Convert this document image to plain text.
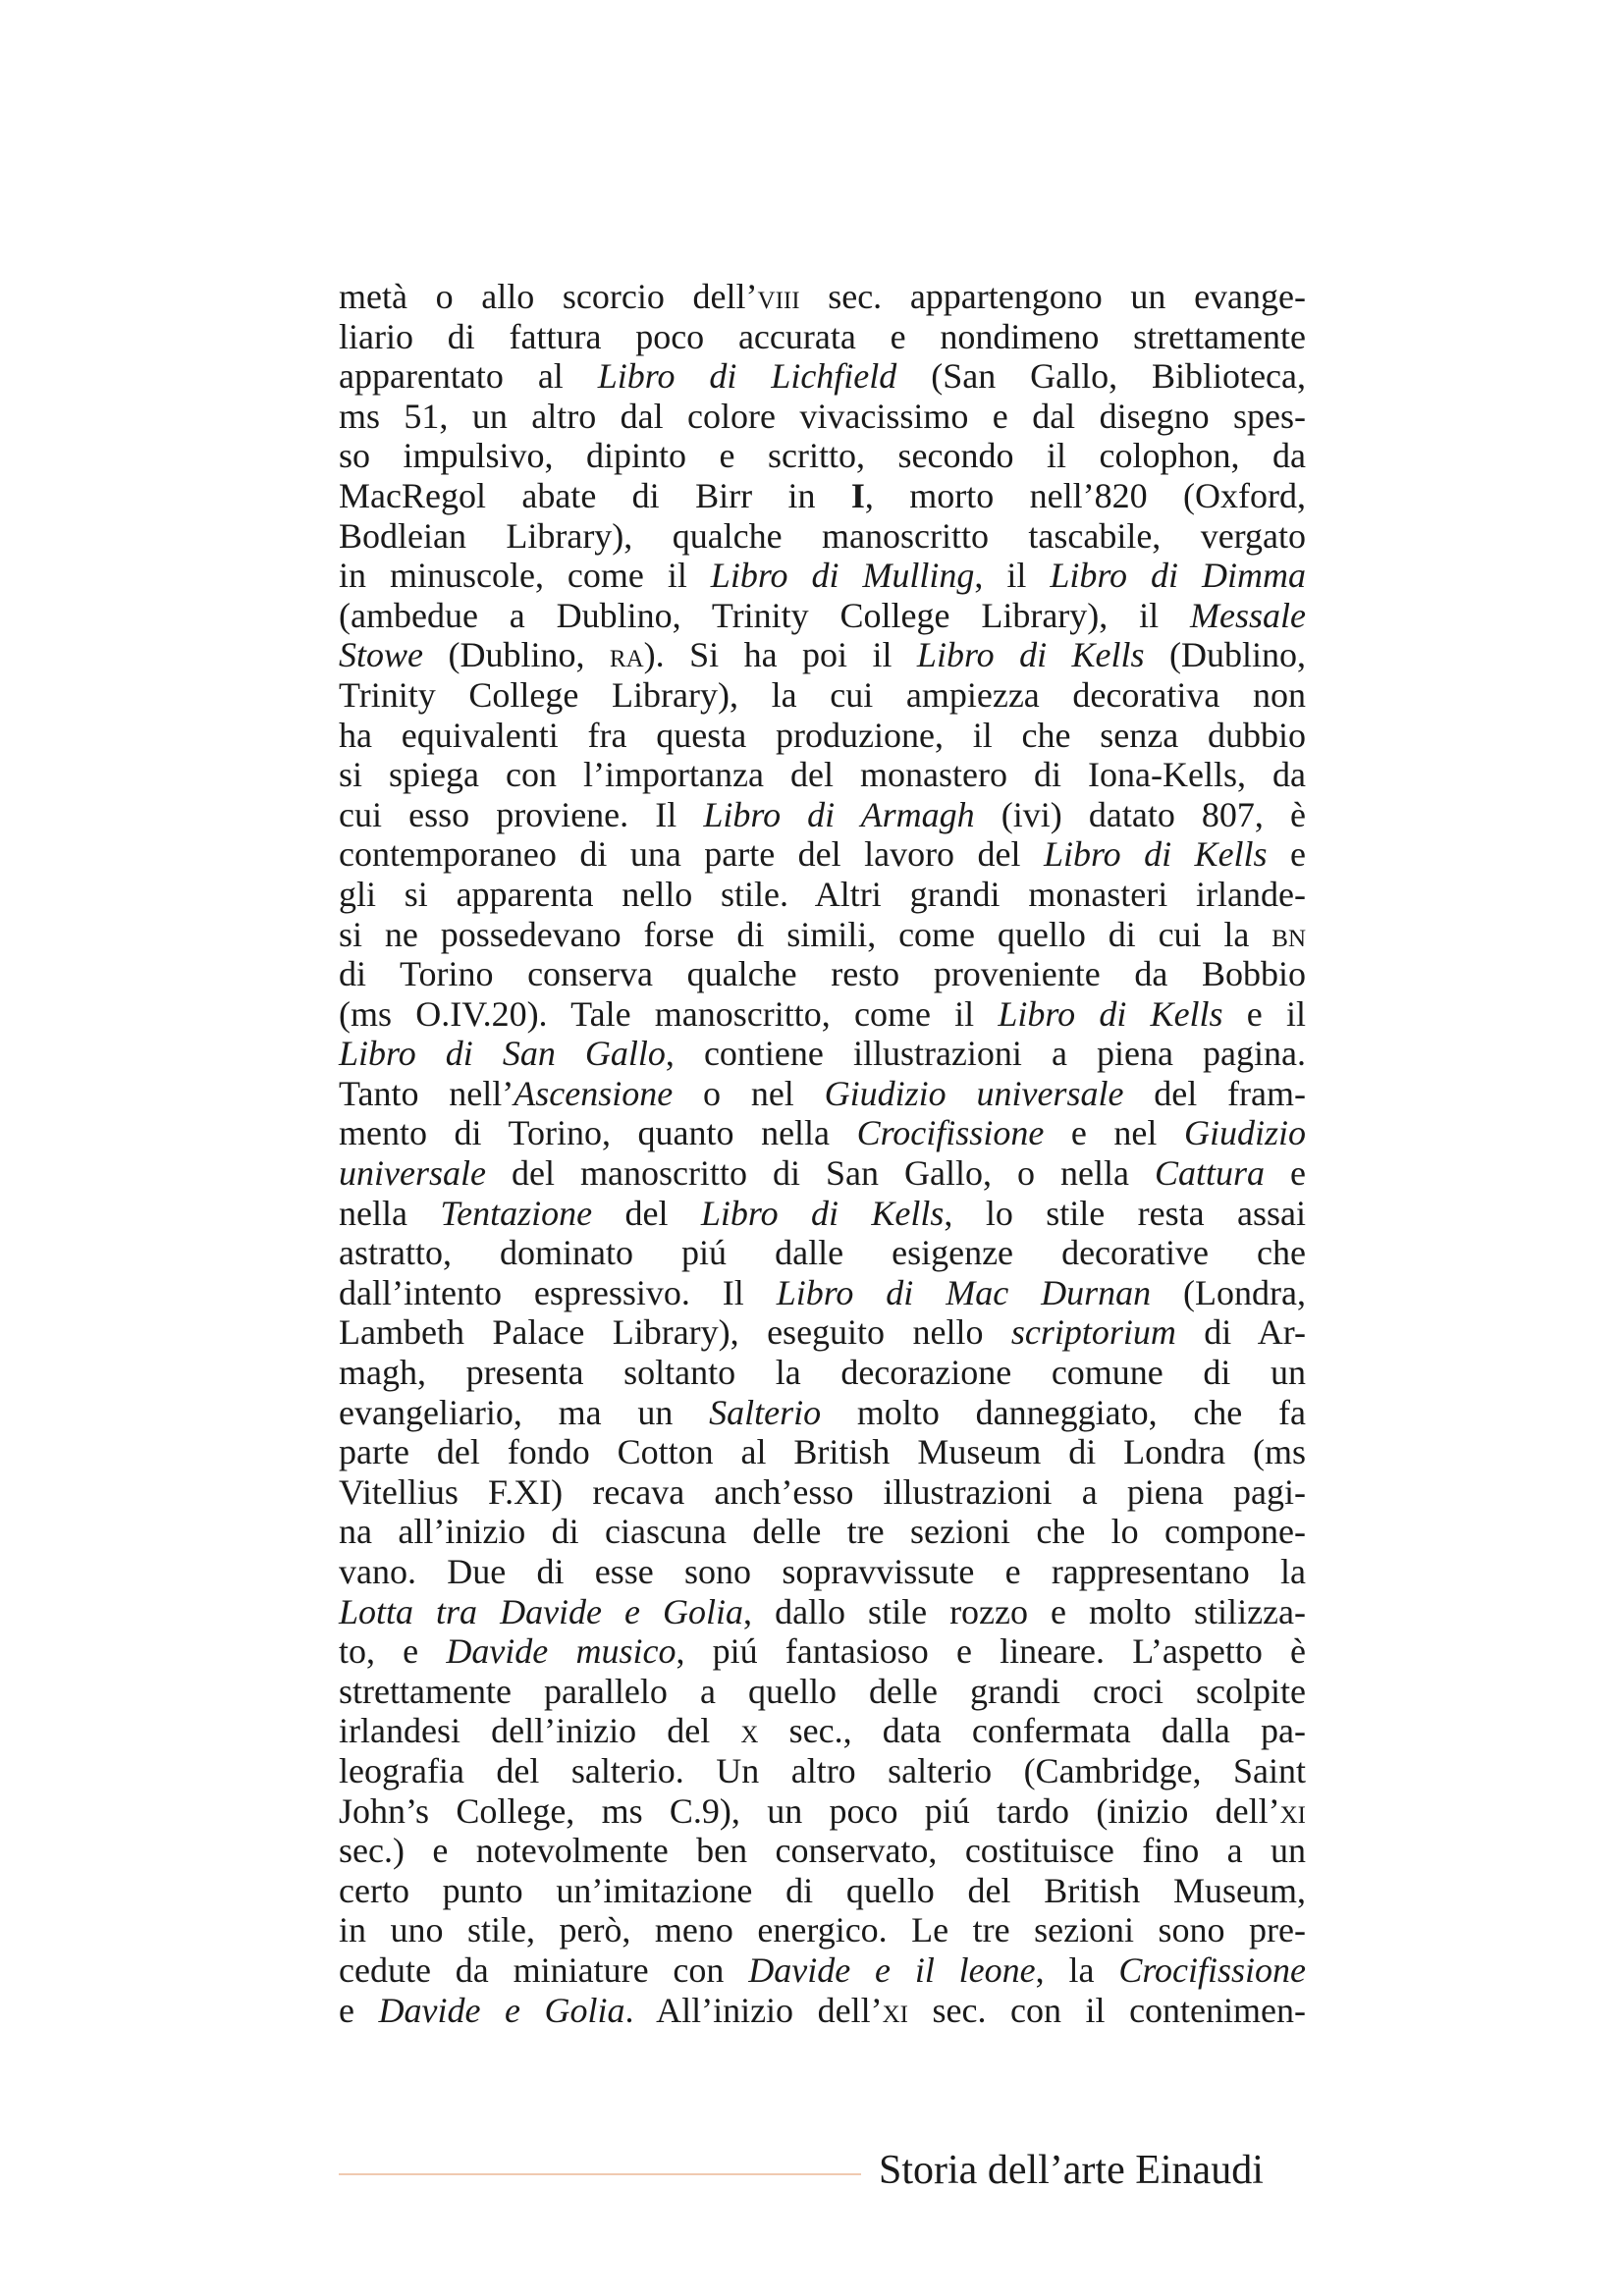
metà o allo scorcio dell’viii sec. appartengono un evange-
liario di fattura poco accurata e nondimeno strettamente
apparentato al Libro di Lichfield (San Gallo, Biblioteca,
ms 51, un altro dal colore vivacissimo e dal disegno spes-
so impulsivo, dipinto e scritto, secondo il colophon, da
MacRegol abate di Birr in I, morto nell’820 (Oxford,
Bodleian Library), qualche manoscritto tascabile, vergato
in minuscole, come il Libro di Mulling, il Libro di Dimma
(ambedue a Dublino, Trinity College Library), il Messale
Stowe (Dublino, ra). Si ha poi il Libro di Kells (Dublino,
Trinity College Library), la cui ampiezza decorativa non
ha equivalenti fra questa produzione, il che senza dubbio
si spiega con l’importanza del monastero di Iona-Kells, da
cui esso proviene. Il Libro di Armagh (ivi) datato 807, è
contemporaneo di una parte del lavoro del Libro di Kells e
gli si apparenta nello stile. Altri grandi monasteri irlande-
si ne possedevano forse di simili, come quello di cui la bn
di Torino conserva qualche resto proveniente da Bobbio
(ms O.IV.20). Tale manoscritto, come il Libro di Kells e il
Libro di San Gallo, contiene illustrazioni a piena pagina.
Tanto nell’Ascensione o nel Giudizio universale del fram-
mento di Torino, quanto nella Crocifissione e nel Giudizio
universale del manoscritto di San Gallo, o nella Cattura e
nella Tentazione del Libro di Kells, lo stile resta assai
astratto, dominato piú dalle esigenze decorative che
dall’intento espressivo. Il Libro di Mac Durnan (Londra,
Lambeth Palace Library), eseguito nello scriptorium di Ar-
magh, presenta soltanto la decorazione comune di un
evangeliario, ma un Salterio molto danneggiato, che fa
parte del fondo Cotton al British Museum di Londra (ms
Vitellius F.XI) recava anch’esso illustrazioni a piena pagi-
na all’inizio di ciascuna delle tre sezioni che lo compone-
vano. Due di esse sono sopravvissute e rappresentano la
Lotta tra Davide e Golia, dallo stile rozzo e molto stilizza-
to, e Davide musico, piú fantasioso e lineare. L’aspetto è
strettamente parallelo a quello delle grandi croci scolpite
irlandesi dell’inizio del x sec., data confermata dalla pa-
leografia del salterio. Un altro salterio (Cambridge, Saint
John’s College, ms C.9), un poco piú tardo (inizio dell’xi
sec.) e notevolmente ben conservato, costituisce fino a un
certo punto un’imitazione di quello del British Museum,
in uno stile, però, meno energico. Le tre sezioni sono pre-
cedute da miniature con Davide e il leone, la Crocifissione
e Davide e Golia. All’inizio dell’xi sec. con il contenimen-
Storia dell’arte Einaudi
